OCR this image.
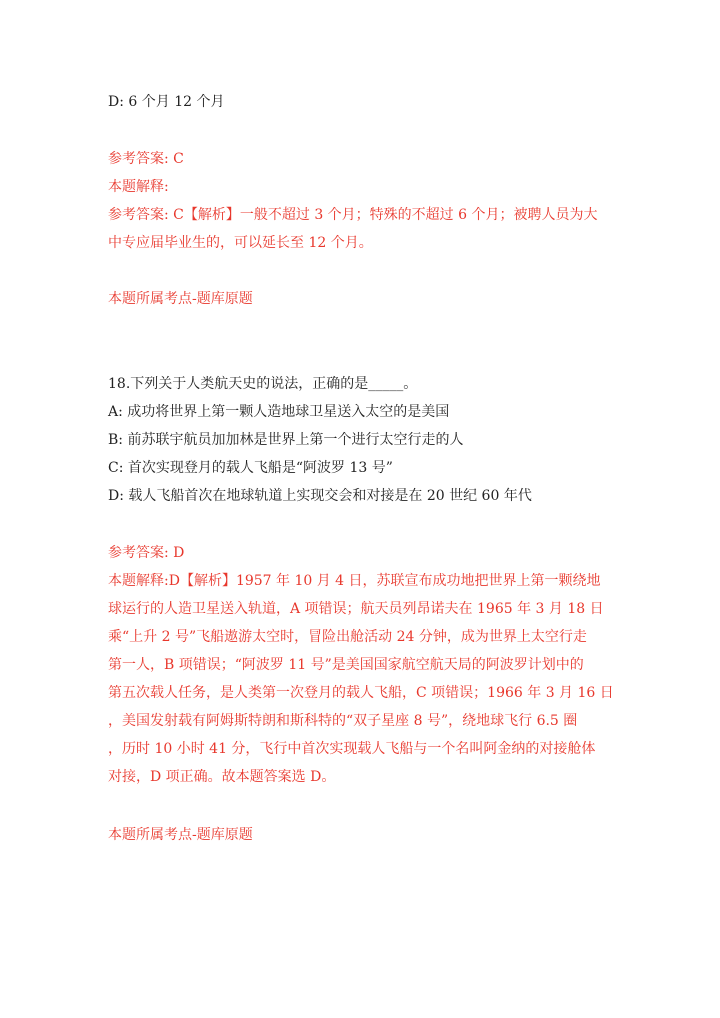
D: 6 个月 12 个月
参考答案: C
本题解释:
参考答案: C【解析】一般不超过 3 个月；特殊的不超过 6 个月；被聘人员为大
中专应届毕业生的，可以延长至 12 个月。
本题所属考点-题库原题
18.下列关于人类航天史的说法，正确的是_____。
A: 成功将世界上第一颗人造地球卫星送入太空的是美国
B: 前苏联宇航员加加林是世界上第一个进行太空行走的人
C: 首次实现登月的载人飞船是“阿波罗 13 号”
D: 载人飞船首次在地球轨道上实现交会和对接是在 20 世纪 60 年代
参考答案: D
本题解释:D【解析】1957 年 10 月 4 日，苏联宣布成功地把世界上第一颗绕地
球运行的人造卫星送入轨道，A 项错误；航天员列昂诺夫在 1965 年 3 月 18 日
乘“上升 2 号”飞船遨游太空时，冒险出舱活动 24 分钟，成为世界上太空行走
第一人，B 项错误；“阿波罗 11 号”是美国国家航空航天局的阿波罗计划中的
第五次载人任务，是人类第一次登月的载人飞船，C 项错误；1966 年 3 月 16 日
，美国发射载有阿姆斯特朗和斯科特的“双子星座 8 号”，绕地球飞行 6.5 圈
，历时 10 小时 41 分，飞行中首次实现载人飞船与一个名叫阿金纳的对接舱体
对接，D 项正确。故本题答案选 D。
本题所属考点-题库原题
